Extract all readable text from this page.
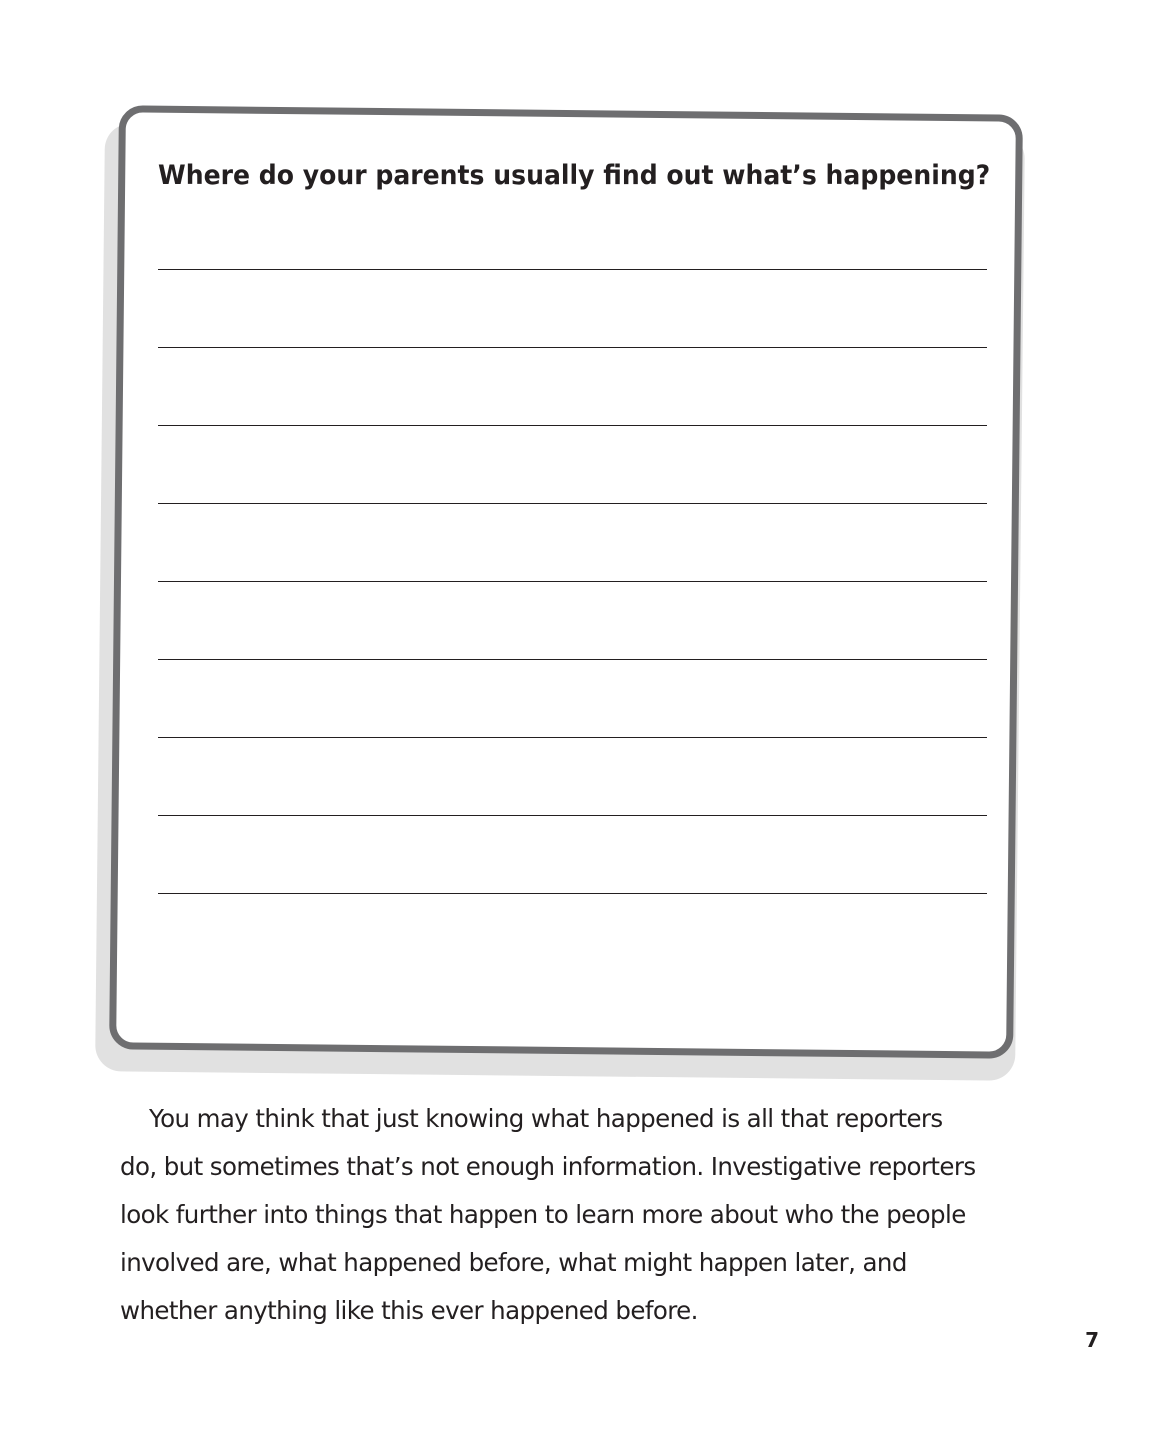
Where do your parents usually find out what’s happening?

You may think that just knowing what happened is all that reporters
do, but sometimes that’s not enough information. Investigative reporters
look further into things that happen to learn more about who the people
involved are, what happened before, what might happen later, and
whether anything like this ever happened before.

7
